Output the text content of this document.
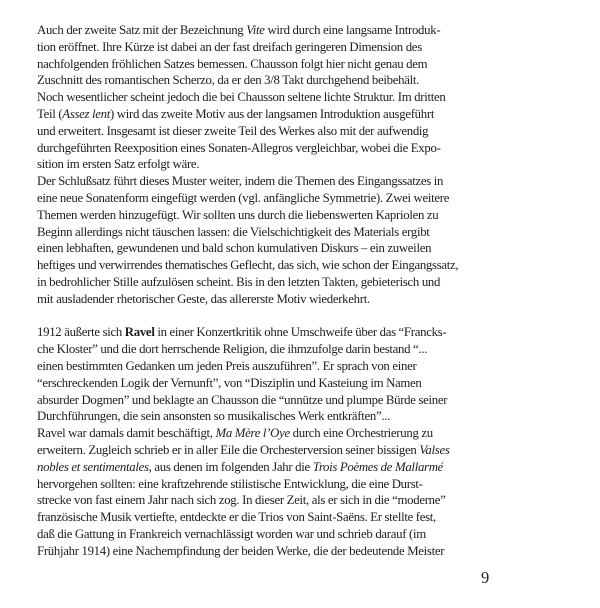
Auch der zweite Satz mit der Bezeichnung Vite wird durch eine langsame Introduk-
tion eröffnet. Ihre Kürze ist dabei an der fast dreifach geringeren Dimension des
nachfolgenden fröhlichen Satzes bemessen. Chausson folgt hier nicht genau dem
Zuschnitt des romantischen Scherzo, da er den 3/8 Takt durchgehend beibehält.
Noch wesentlicher scheint jedoch die bei Chausson seltene lichte Struktur. Im dritten
Teil (Assez lent) wird das zweite Motiv aus der langsamen Introduktion ausgeführt
und erweitert. Insgesamt ist dieser zweite Teil des Werkes also mit der aufwendig
durchgeführten Reexposition eines Sonaten-Allegros vergleichbar, wobei die Expo-
sition im ersten Satz erfolgt wäre.
Der Schlußsatz führt dieses Muster weiter, indem die Themen des Eingangssatzes in
eine neue Sonatenform eingefügt werden (vgl. anfängliche Symmetrie). Zwei weitere
Themen werden hinzugefügt. Wir sollten uns durch die liebenswerten Kapriolen zu
Beginn allerdings nicht täuschen lassen: die Vielschichtigkeit des Materials ergibt
einen lebhaften, gewundenen und bald schon kumulativen Diskurs – ein zuweilen
heftiges und verwirrendes thematisches Geflecht, das sich, wie schon der Eingangssatz,
in bedrohlicher Stille aufzulösen scheint. Bis in den letzten Takten, gebieterisch und
mit ausladender rhetorischer Geste, das allererste Motiv wiederkehrt.
1912 äußerte sich Ravel in einer Konzertkritik ohne Umschweife über das “Francks-
che Kloster” und die dort herrschende Religion, die ihmzufolge darin bestand “...
einen bestimmten Gedanken um jeden Preis auszuführen”. Er sprach von einer
“erschreckenden Logik der Vernunft”, von “Disziplin und Kasteiung im Namen
absurder Dogmen” und beklagte an Chausson die “unnütze und plumpe Bürde seiner
Durchführungen, die sein ansonsten so musikalisches Werk entkräften”...
Ravel war damals damit beschäftigt, Ma Mère l’Oye durch eine Orchestrierung zu
erweitern. Zugleich schrieb er in aller Eile die Orchesterversion seiner bissigen Valses
nobles et sentimentales, aus denen im folgenden Jahr die Trois Poèmes de Mallarmé
hervorgehen sollten: eine kraftzehrende stilistische Entwicklung, die eine Durst-
strecke von fast einem Jahr nach sich zog. In dieser Zeit, als er sich in die “moderne”
französische Musik vertiefte, entdeckte er die Trios von Saint-Saëns. Er stellte fest,
daß die Gattung in Frankreich vernachlässigt worden war und schrieb darauf (im
Frühjahr 1914) eine Nachempfindung der beiden Werke, die der bedeutende Meister
9
